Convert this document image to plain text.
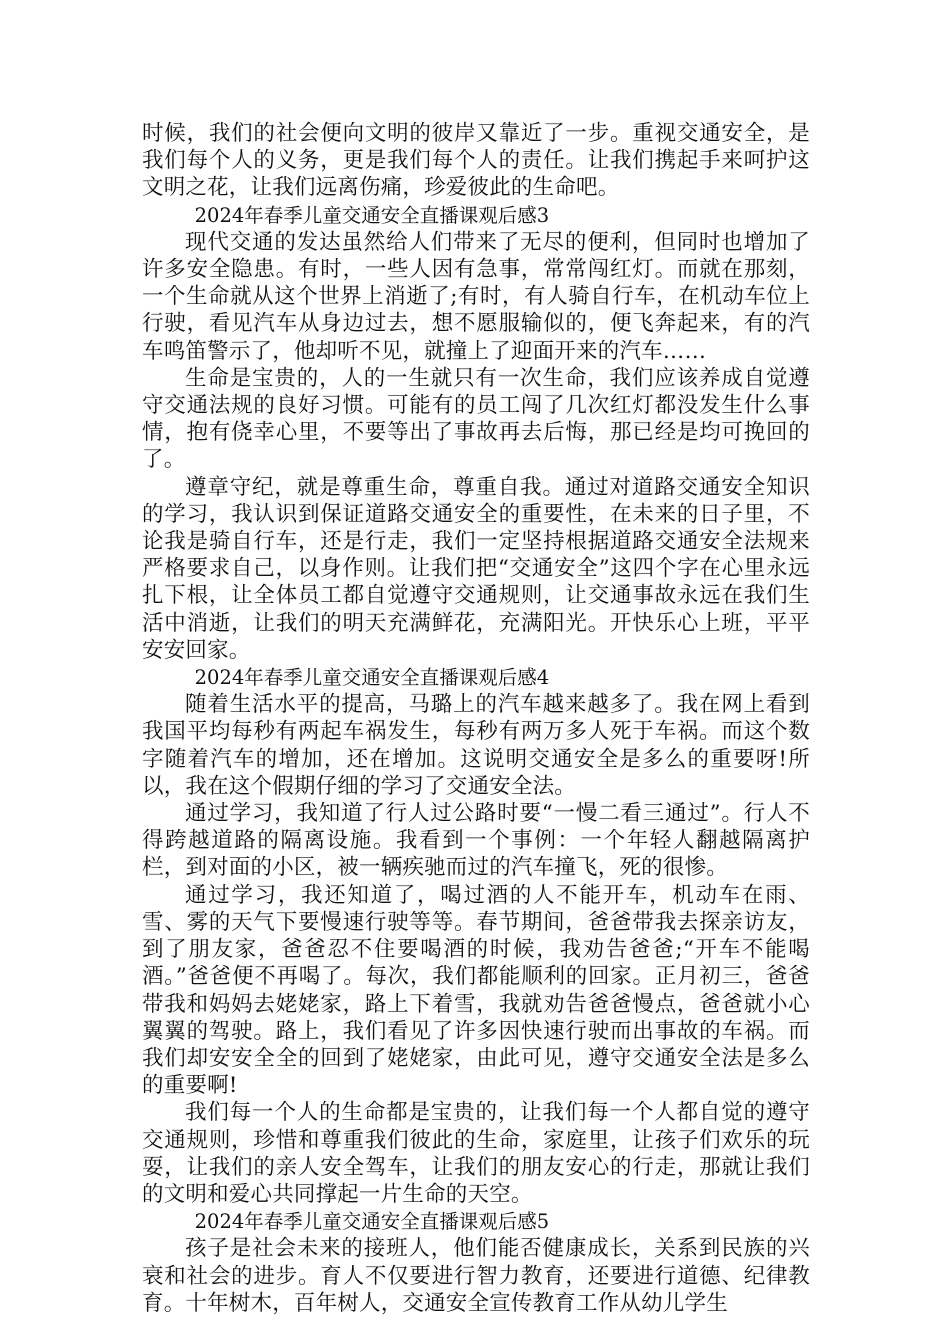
时候，我们的社会便向文明的彼岸又靠近了一步。重视交通安全，是我们每个人的义务，更是我们每个人的责任。让我们携起手来呵护这文明之花，让我们远离伤痛，珍爱彼此的生命吧。

2024年春季儿童交通安全直播课观后感3

现代交通的发达虽然给人们带来了无尽的便利，但同时也增加了许多安全隐患。有时，一些人因有急事，常常闯红灯。而就在那刻，一个生命就从这个世界上消逝了;有时，有人骑自行车，在机动车位上行驶，看见汽车从身边过去，想不愿服输似的，便飞奔起来，有的汽车鸣笛警示了，他却听不见，就撞上了迎面开来的汽车……

生命是宝贵的，人的一生就只有一次生命，我们应该养成自觉遵守交通法规的良好习惯。可能有的员工闯了几次红灯都没发生什么事情，抱有侥幸心里，不要等出了事故再去后悔，那已经是均可挽回的了。

遵章守纪，就是尊重生命，尊重自我。通过对道路交通安全知识的学习，我认识到保证道路交通安全的重要性，在未来的日子里，不论我是骑自行车，还是行走，我们一定坚持根据道路交通安全法规来严格要求自己，以身作则。让我们把“交通安全”这四个字在心里永远扎下根，让全体员工都自觉遵守交通规则，让交通事故永远在我们生活中消逝，让我们的明天充满鲜花，充满阳光。开快乐心上班，平平安安回家。

2024年春季儿童交通安全直播课观后感4

随着生活水平的提高，马璐上的汽车越来越多了。我在网上看到我国平均每秒有两起车祸发生，每秒有两万多人死于车祸。而这个数字随着汽车的增加，还在增加。这说明交通安全是多么的重要呀!所以，我在这个假期仔细的学习了交通安全法。

通过学习，我知道了行人过公路时要“一慢二看三通过”。行人不得跨越道路的隔离设施。我看到一个事例：一个年轻人翻越隔离护栏，到对面的小区，被一辆疾驰而过的汽车撞飞，死的很惨。

通过学习，我还知道了，喝过酒的人不能开车，机动车在雨、雪、雾的天气下要慢速行驶等等。春节期间，爸爸带我去探亲访友，到了朋友家，爸爸忍不住要喝酒的时候，我劝告爸爸;“开车不能喝酒。”爸爸便不再喝了。每次，我们都能顺利的回家。正月初三，爸爸带我和妈妈去姥姥家，路上下着雪，我就劝告爸爸慢点，爸爸就小心翼翼的驾驶。路上，我们看见了许多因快速行驶而出事故的车祸。而我们却安安全全的回到了姥姥家，由此可见，遵守交通安全法是多么的重要啊!

我们每一个人的生命都是宝贵的，让我们每一个人都自觉的遵守交通规则，珍惜和尊重我们彼此的生命，家庭里，让孩子们欢乐的玩耍，让我们的亲人安全驾车，让我们的朋友安心的行走，那就让我们的文明和爱心共同撑起一片生命的天空。

2024年春季儿童交通安全直播课观后感5

孩子是社会未来的接班人，他们能否健康成长，关系到民族的兴衰和社会的进步。育人不仅要进行智力教育，还要进行道德、纪律教育。十年树木，百年树人，交通安全宣传教育工作从幼儿学生
